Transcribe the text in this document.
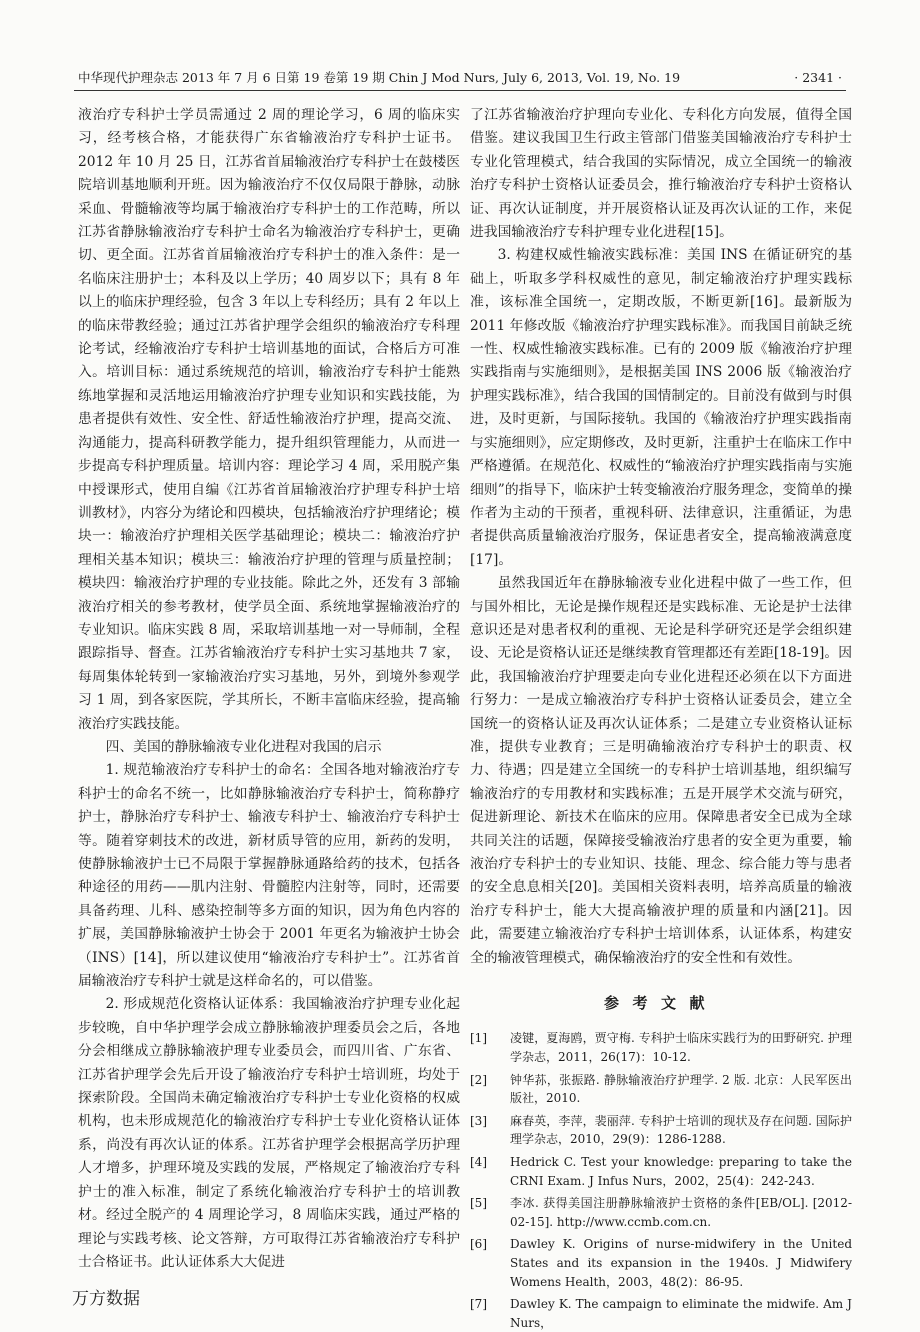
中华现代护理杂志 2013 年 7 月 6 日第 19 卷第 19 期 Chin J Mod Nurs, July 6, 2013, Vol. 19, No. 19	· 2341 ·

液治疗专科护士学员需通过 2 周的理论学习，6 周的临床实习，经考核合格，才能获得广东省输液治疗专科护士证书。2012 年 10 月 25 日，江苏省首届输液治疗专科护士在鼓楼医院培训基地顺利开班。因为输液治疗不仅仅局限于静脉，动脉采血、骨髓输液等均属于输液治疗专科护士的工作范畴，所以江苏省静脉输液治疗专科护士命名为输液治疗专科护士，更确切、更全面。江苏省首届输液治疗专科护士的准入条件：是一名临床注册护士；本科及以上学历；40 周岁以下；具有 8 年以上的临床护理经验，包含 3 年以上专科经历；具有 2 年以上的临床带教经验；通过江苏省护理学会组织的输液治疗专科理论考试，经输液治疗专科护士培训基地的面试，合格后方可准入。培训目标：通过系统规范的培训，输液治疗专科护士能熟练地掌握和灵活地运用输液治疗护理专业知识和实践技能，为患者提供有效性、安全性、舒适性输液治疗护理，提高交流、沟通能力，提高科研教学能力，提升组织管理能力，从而进一步提高专科护理质量。培训内容：理论学习 4 周，采用脱产集中授课形式，使用自编《江苏省首届输液治疗护理专科护士培训教材》，内容分为绪论和四模块，包括输液治疗护理绪论；模块一：输液治疗护理相关医学基础理论；模块二：输液治疗护理相关基本知识；模块三：输液治疗护理的管理与质量控制；模块四：输液治疗护理的专业技能。除此之外，还发有 3 部输液治疗相关的参考教材，使学员全面、系统地掌握输液治疗的专业知识。临床实践 8 周，采取培训基地一对一导师制，全程跟踪指导、督查。江苏省输液治疗专科护士实习基地共 7 家，每周集体轮转到一家输液治疗实习基地，另外，到境外参观学习 1 周，到各家医院，学其所长，不断丰富临床经验，提高输液治疗实践技能。

四、美国的静脉输液专业化进程对我国的启示

1. 规范输液治疗专科护士的命名：全国各地对输液治疗专科护士的命名不统一，比如静脉输液治疗专科护士，简称静疗护士，静脉治疗专科护士、输液专科护士、输液治疗专科护士等。随着穿刺技术的改进，新材质导管的应用，新药的发明，使静脉输液护士已不局限于掌握静脉通路给药的技术，包括各种途径的用药——肌内注射、骨髓腔内注射等，同时，还需要具备药理、儿科、感染控制等多方面的知识，因为角色内容的扩展，美国静脉输液护士协会于 2001 年更名为输液护士协会（INS）[14]，所以建议使用“输液治疗专科护士”。江苏省首届输液治疗专科护士就是这样命名的，可以借鉴。

2. 形成规范化资格认证体系：我国输液治疗护理专业化起步较晚，自中华护理学会成立静脉输液护理委员会之后，各地分会相继成立静脉输液护理专业委员会，而四川省、广东省、江苏省护理学会先后开设了输液治疗专科护士培训班，均处于探索阶段。全国尚未确定输液治疗专科护士专业化资格的权威机构，也未形成规范化的输液治疗专科护士专业化资格认证体系，尚没有再次认证的体系。江苏省护理学会根据高学历护理人才增多，护理环境及实践的发展，严格规定了输液治疗专科护士的准入标准，制定了系统化输液治疗专科护士的培训教材。经过全脱产的 4 周理论学习，8 周临床实践，通过严格的理论与实践考核、论文答辩，方可取得江苏省输液治疗专科护士合格证书。此认证体系大大促进

了江苏省输液治疗护理向专业化、专科化方向发展，值得全国借鉴。建议我国卫生行政主管部门借鉴美国输液治疗专科护士专业化管理模式，结合我国的实际情况，成立全国统一的输液治疗专科护士资格认证委员会，推行输液治疗专科护士资格认证、再次认证制度，并开展资格认证及再次认证的工作，来促进我国输液治疗专科护理专业化进程[15]。

3. 构建权威性输液实践标准：美国 INS 在循证研究的基础上，听取多学科权威性的意见，制定输液治疗护理实践标准，该标准全国统一，定期改版，不断更新[16]。最新版为 2011 年修改版《输液治疗护理实践标准》。而我国目前缺乏统一性、权威性输液实践标准。已有的 2009 版《输液治疗护理实践指南与实施细则》，是根据美国 INS 2006 版《输液治疗护理实践标准》，结合我国的国情制定的。目前没有做到与时俱进，及时更新，与国际接轨。我国的《输液治疗护理实践指南与实施细则》，应定期修改，及时更新，注重护士在临床工作中严格遵循。在规范化、权威性的“输液治疗护理实践指南与实施细则”的指导下，临床护士转变输液治疗服务理念，变简单的操作者为主动的干预者，重视科研、法律意识，注重循证，为患者提供高质量输液治疗服务，保证患者安全，提高输液满意度[17]。

虽然我国近年在静脉输液专业化进程中做了一些工作，但与国外相比，无论是操作规程还是实践标准、无论是护士法律意识还是对患者权利的重视、无论是科学研究还是学会组织建设、无论是资格认证还是继续教育管理都还有差距[18-19]。因此，我国输液治疗护理要走向专业化进程还必须在以下方面进行努力：一是成立输液治疗专科护士资格认证委员会，建立全国统一的资格认证及再次认证体系；二是建立专业资格认证标准，提供专业教育；三是明确输液治疗专科护士的职责、权力、待遇；四是建立全国统一的专科护士培训基地，组织编写输液治疗的专用教材和实践标准；五是开展学术交流与研究，促进新理论、新技术在临床的应用。保障患者安全已成为全球共同关注的话题，保障接受输液治疗患者的安全更为重要，输液治疗专科护士的专业知识、技能、理念、综合能力等与患者的安全息息相关[20]。美国相关资料表明，培养高质量的输液治疗专科护士，能大大提高输液护理的质量和内涵[21]。因此，需要建立输液治疗专科护士培训体系，认证体系，构建安全的输液管理模式，确保输液治疗的安全性和有效性。

参考文献
[1]	凌键，夏海鸥，贾守梅. 专科护士临床实践行为的田野研究. 护理学杂志，2011，26(17)：10-12.
[2]	钟华荪，张振路. 静脉输液治疗护理学. 2 版. 北京：人民军医出版社，2010.
[3]	麻春英，李萍，裴丽萍. 专科护士培训的现状及存在问题. 国际护理学杂志，2010，29(9)：1286-1288.
[4]	Hedrick C. Test your knowledge: preparing to take the CRNI Exam. J Infus Nurs，2002，25(4)：242-243.
[5]	李冰. 获得美国注册静脉输液护士资格的条件[EB/OL]. [2012-02-15]. http://www.ccmb.com.cn.
[6]	Dawley K. Origins of nurse-midwifery in the United States and its expansion in the 1940s. J Midwifery Womens Health，2003，48(2)：86-95.
[7]	Dawley K. The campaign to eliminate the midwife. Am J Nurs，
万方数据
